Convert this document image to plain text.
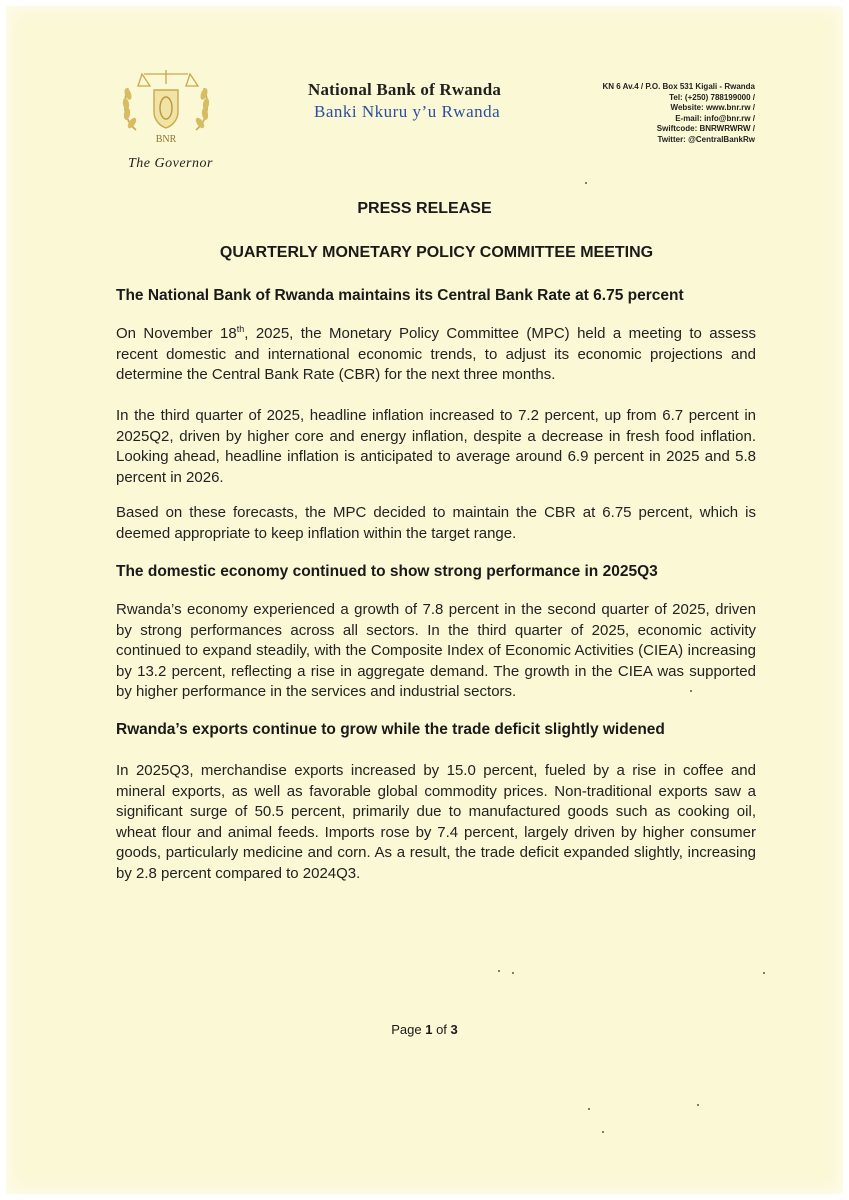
BNR
National Bank of Rwanda
Banki Nkuru y’u Rwanda
KN 6 Av.4 / P.O. Box 531 Kigali - Rwanda
Tel: (+250) 788199000 /
Website: www.bnr.rw /
E-mail: info@bnr.rw /
Swiftcode: BNRWRWRW /
Twitter: @CentralBankRw
The Governor
PRESS RELEASE
QUARTERLY MONETARY POLICY COMMITTEE MEETING
The National Bank of Rwanda maintains its Central Bank Rate at 6.75 percent

On November 18th, 2025, the Monetary Policy Committee (MPC) held a meeting to assess recent domestic and international economic trends, to adjust its economic projections and determine the Central Bank Rate (CBR) for the next three months.

In the third quarter of 2025, headline inflation increased to 7.2 percent, up from 6.7 percent in 2025Q2, driven by higher core and energy inflation, despite a decrease in fresh food inflation. Looking ahead, headline inflation is anticipated to average around 6.9 percent in 2025 and 5.8 percent in 2026.

Based on these forecasts, the MPC decided to maintain the CBR at 6.75 percent, which is deemed appropriate to keep inflation within the target range.

The domestic economy continued to show strong performance in 2025Q3

Rwanda’s economy experienced a growth of 7.8 percent in the second quarter of 2025, driven by strong performances across all sectors. In the third quarter of 2025, economic activity continued to expand steadily, with the Composite Index of Economic Activities (CIEA) increasing by 13.2 percent, reflecting a rise in aggregate demand. The growth in the CIEA was supported by higher performance in the services and industrial sectors.

Rwanda’s exports continue to grow while the trade deficit slightly widened

In 2025Q3, merchandise exports increased by 15.0 percent, fueled by a rise in coffee and mineral exports, as well as favorable global commodity prices. Non-traditional exports saw a significant surge of 50.5 percent, primarily due to manufactured goods such as cooking oil, wheat flour and animal feeds. Imports rose by 7.4 percent, largely driven by higher consumer goods, particularly medicine and corn. As a result, the trade deficit expanded slightly, increasing by 2.8 percent compared to 2024Q3.

Page 1 of 3
